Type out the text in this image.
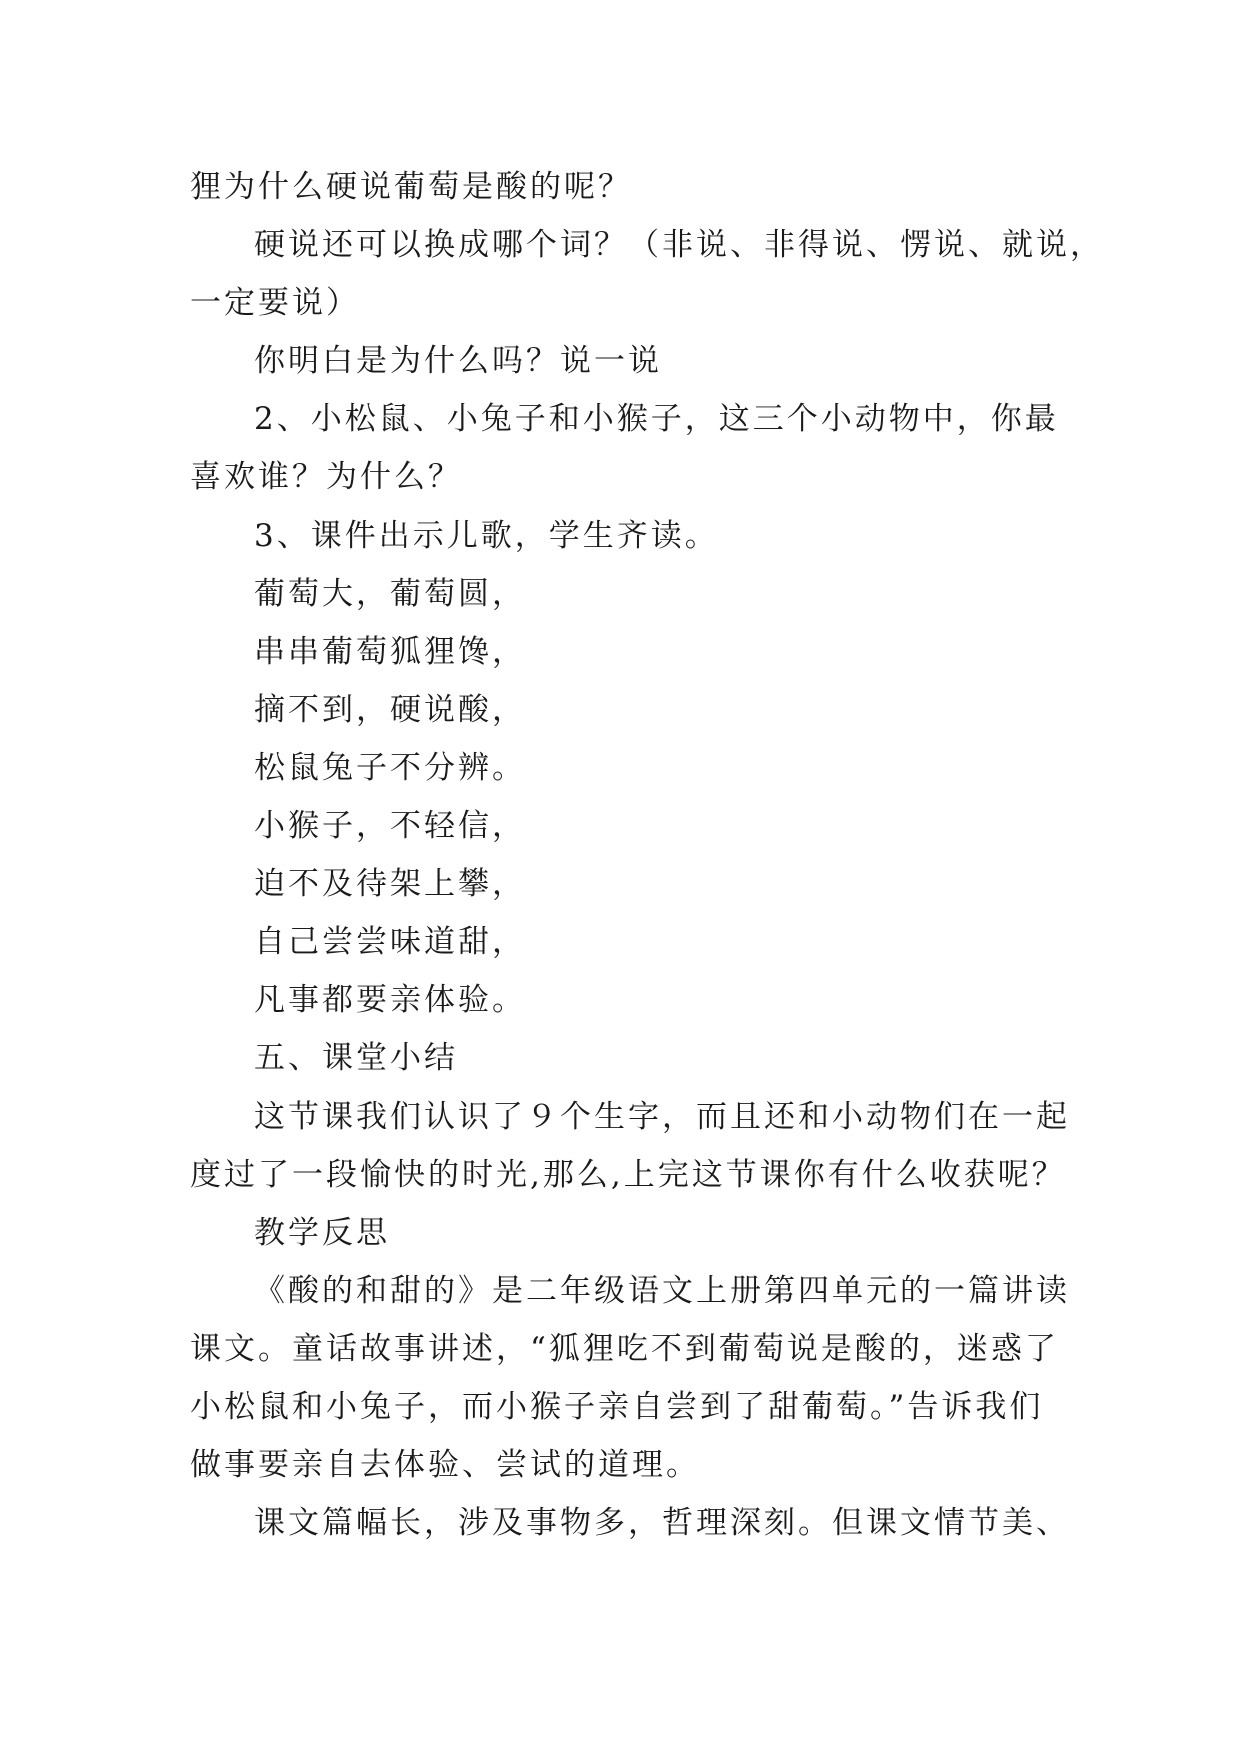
狸为什么硬说葡萄是酸的呢？
硬说还可以换成哪个词？（非说、非得说、愣说、就说，
一定要说）
你明白是为什么吗？说一说
2、小松鼠、小兔子和小猴子，这三个小动物中，你最
喜欢谁？为什么？
3、课件出示儿歌，学生齐读。
葡萄大，葡萄圆，
串串葡萄狐狸馋，
摘不到，硬说酸，
松鼠兔子不分辨。
小猴子，不轻信，
迫不及待架上攀，
自己尝尝味道甜，
凡事都要亲体验。
五、课堂小结
这节课我们认识了９个生字，而且还和小动物们在一起
度过了一段愉快的时光,那么,上完这节课你有什么收获呢？
教学反思
《酸的和甜的》是二年级语文上册第四单元的一篇讲读
课文。童话故事讲述，“狐狸吃不到葡萄说是酸的，迷惑了
小松鼠和小兔子，而小猴子亲自尝到了甜葡萄。”告诉我们
做事要亲自去体验、尝试的道理。
课文篇幅长，涉及事物多，哲理深刻。但课文情节美、
